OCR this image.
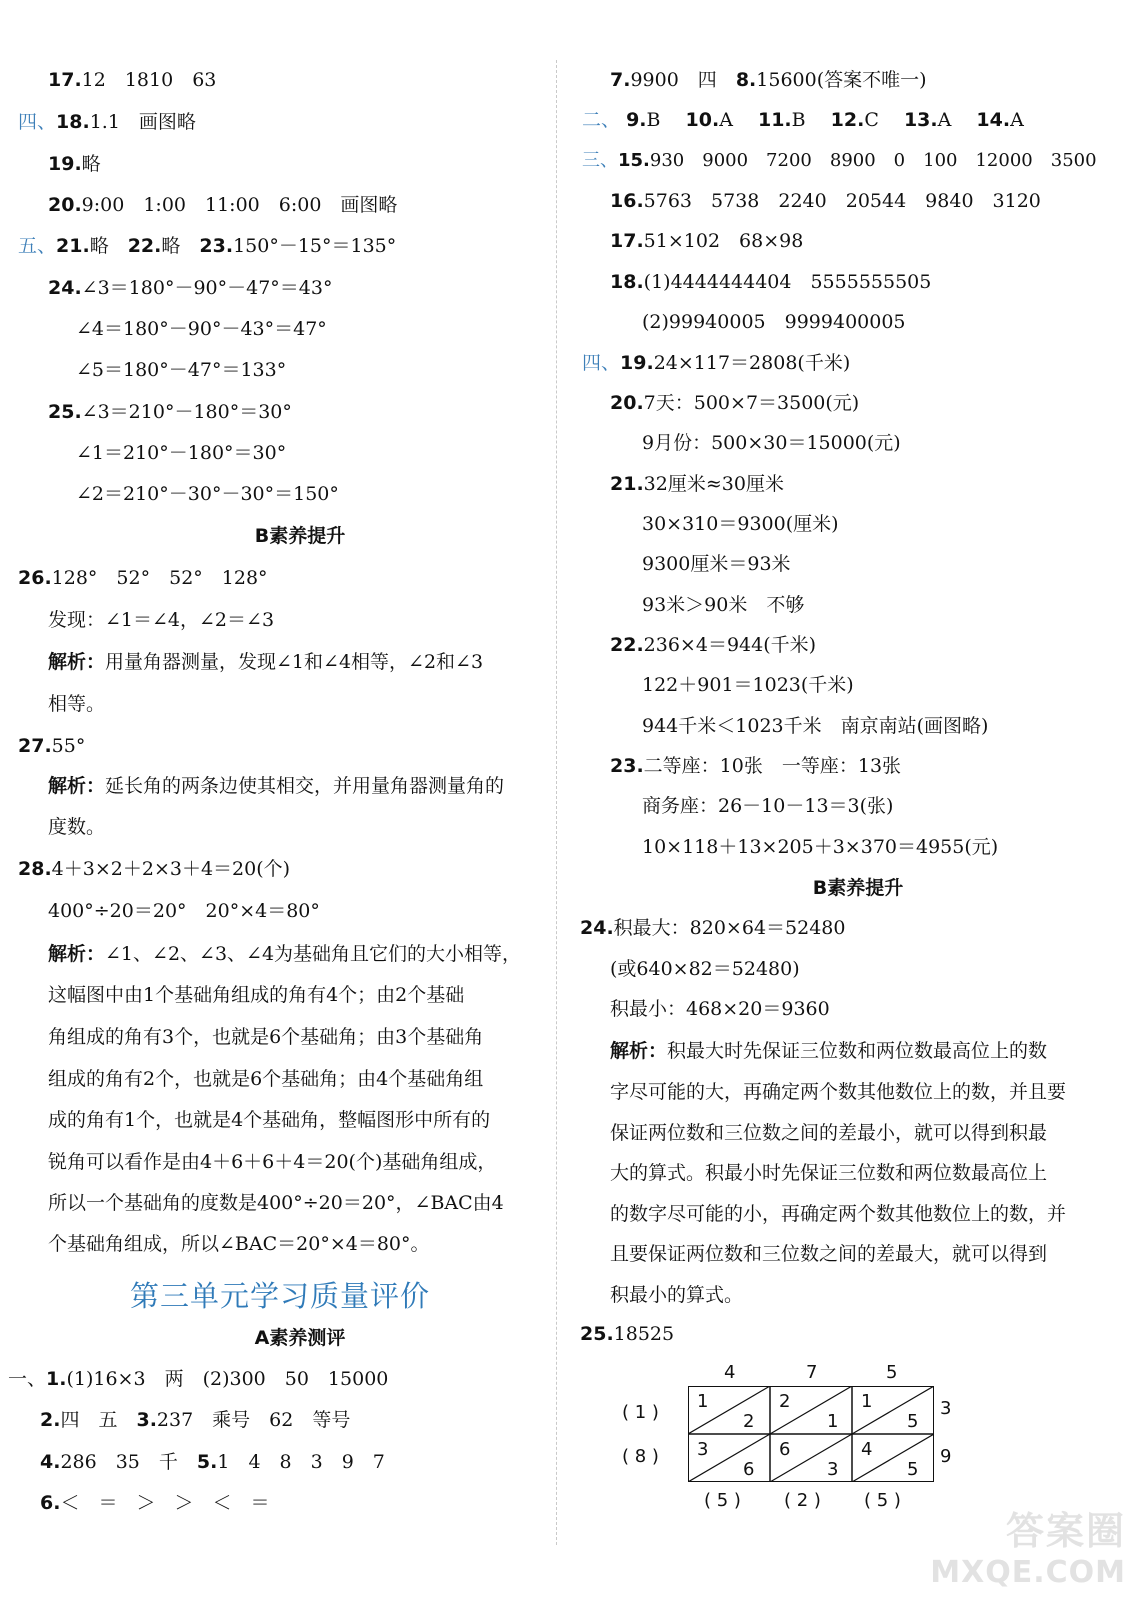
17.12　1810　63
四、18.1.1　画图略
19.略
20.9:00　1:00　11:00　6:00　画图略
五、21.略　22.略　23.150°－15°＝135°
24.∠3＝180°－90°－47°＝43°
∠4＝180°－90°－43°＝47°
∠5＝180°－47°＝133°
25.∠3＝210°－180°＝30°
∠1＝210°－180°＝30°
∠2＝210°－30°－30°＝150°
B素养提升
26.128°　52°　52°　128°
发现：∠1＝∠4，∠2＝∠3
解析：用量角器测量，发现∠1和∠4相等，∠2和∠3
相等。
27.55°
解析：延长角的两条边使其相交，并用量角器测量角的
度数。
28.4＋3×2＋2×3＋4＝20(个)
400°÷20＝20°　20°×4＝80°
解析：∠1、∠2、∠3、∠4为基础角且它们的大小相等，
这幅图中由1个基础角组成的角有4个；由2个基础
角组成的角有3个，也就是6个基础角；由3个基础角
组成的角有2个，也就是6个基础角；由4个基础角组
成的角有1个，也就是4个基础角，整幅图形中所有的
锐角可以看作是由4＋6＋6＋4＝20(个)基础角组成，
所以一个基础角的度数是400°÷20＝20°，∠BAC由4
个基础角组成，所以∠BAC＝20°×4＝80°。
第三单元学习质量评价
A素养测评
一、1.(1)16×3　两　(2)300　50　15000
2.四　五　3.237　乘号　62　等号
4.286　35　千　5.1　4　8　3　9　7
6.＜　＝　＞　＞　＜　＝
7.9900　四　8.15600(答案不唯一)
二、 9.B　 10.A　 11.B　 12.C　 13.A　 14.A
三、15.930　9000　7200　8900　0　100　12000　3500
16.5763　5738　2240　20544　9840　3120
17.51×102　68×98
18.(1)4444444404　5555555505
(2)99940005　9999400005
四、19.24×117＝2808(千米)
20.7天：500×7＝3500(元)
9月份：500×30＝15000(元)
21.32厘米≈30厘米
30×310＝9300(厘米)
9300厘米＝93米
93米＞90米　不够
22.236×4＝944(千米)
122＋901＝1023(千米)
944千米＜1023千米　南京南站(画图略)
23.二等座：10张　一等座：13张
商务座：26－10－13＝3(张)
10×118＋13×205＋3×370＝4955(元)
B素养提升
24.积最大：820×64＝52480
(或640×82＝52480)
积最小：468×20＝9360
解析：积最大时先保证三位数和两位数最高位上的数
字尽可能的大，再确定两个数其他数位上的数，并且要
保证两位数和三位数之间的差最小，就可以得到积最
大的算式。积最小时先保证三位数和两位数最高位上
的数字尽可能的小，再确定两个数其他数位上的数，并
且要保证两位数和三位数之间的差最大，就可以得到
积最小的算式。
25.18525
4	7	5
( 1 )
( 8 )
3
9
( 5 ) ( 2 ) ( 5 )
1
2
2
1
1
5
3
6
6
3
4
5
答案圈
MXQE.COM
